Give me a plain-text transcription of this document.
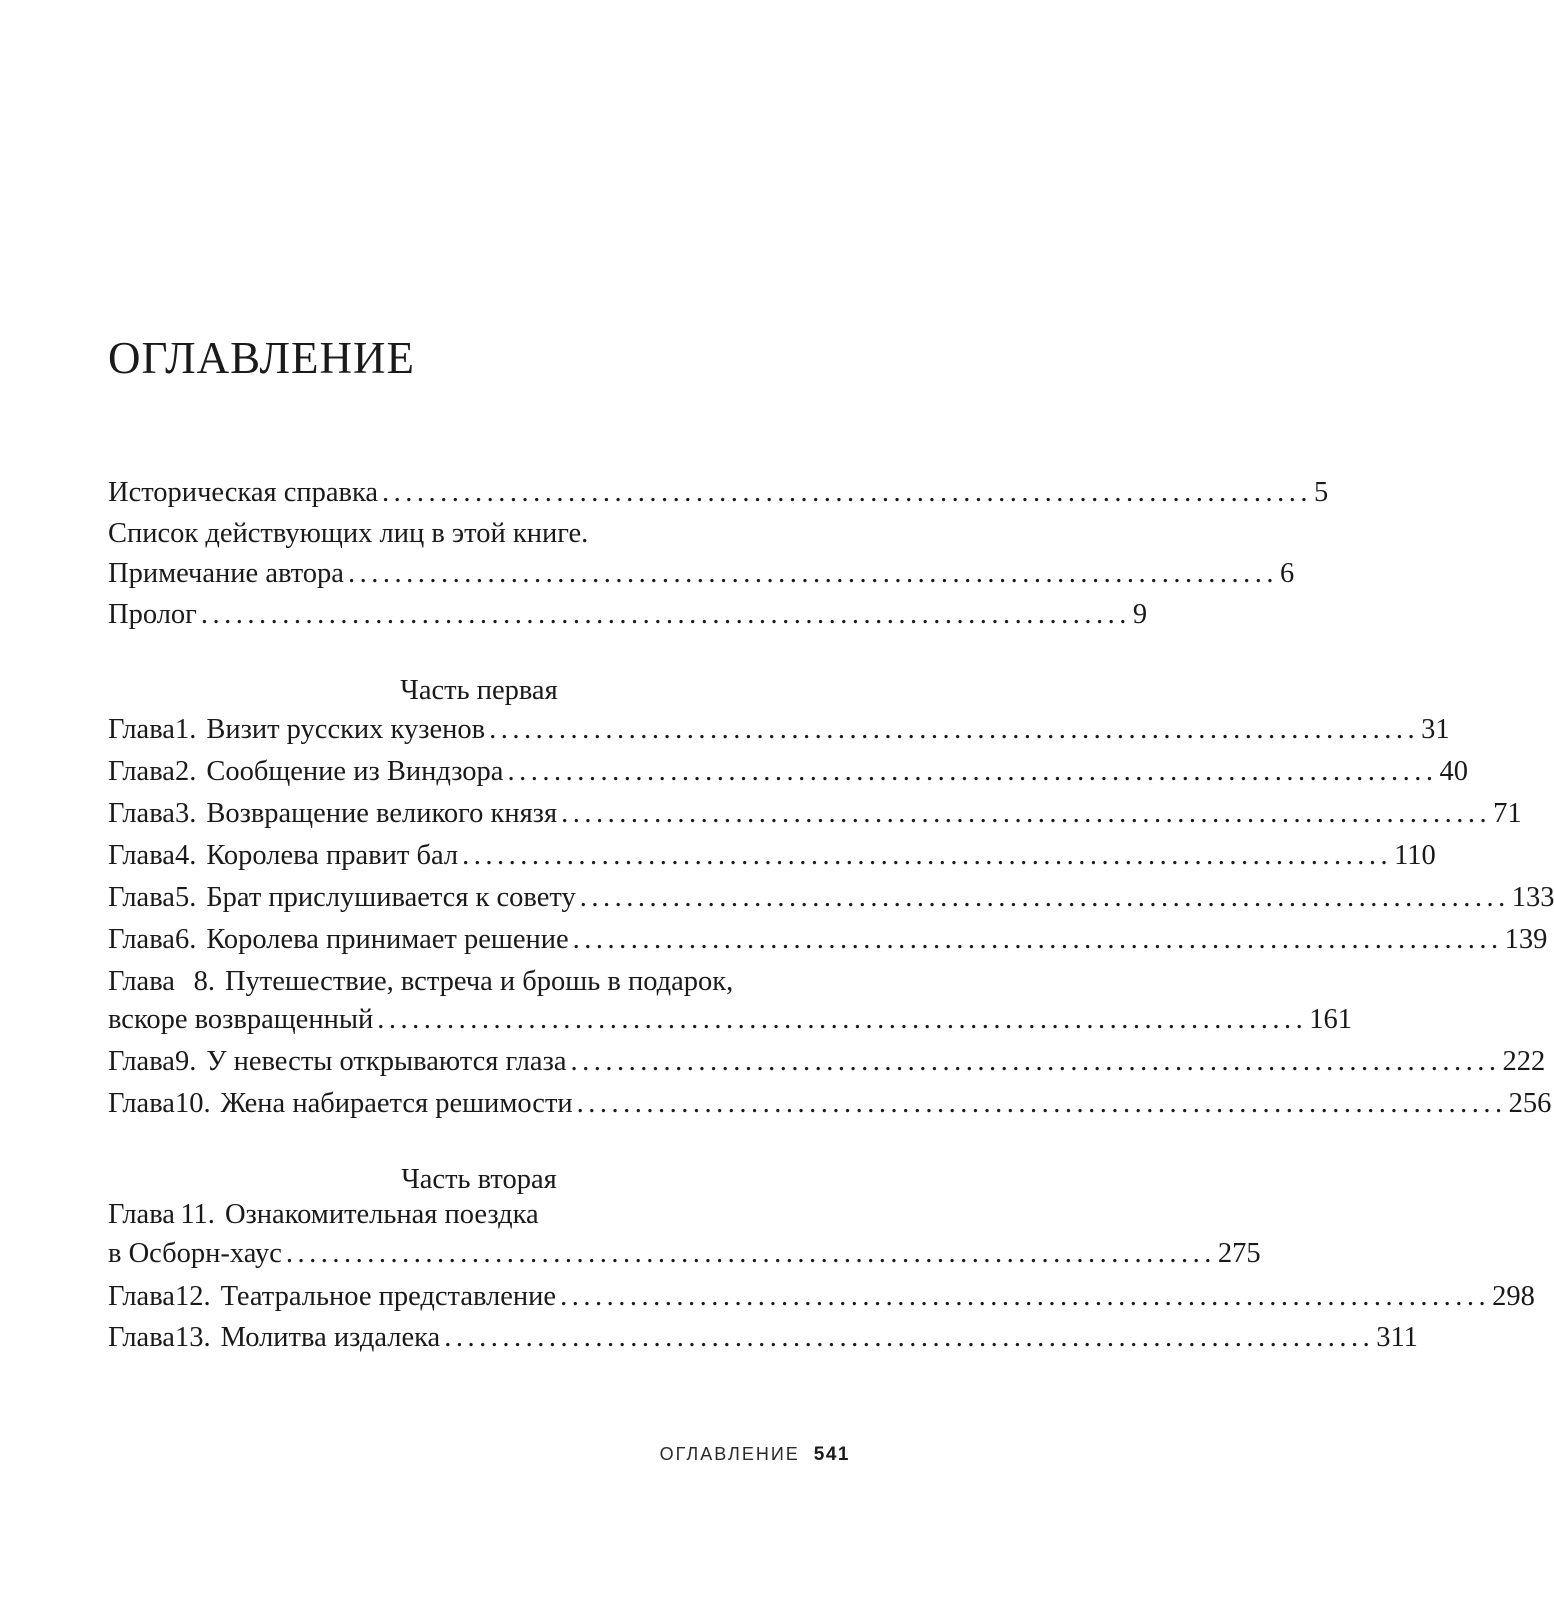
ОГЛАВЛЕНИЕ
Историческая справка ................................................................................ 5
Список действующих лиц в этой книге.
Примечание автора ................................................................................ 6
Пролог ................................................................................ 9
Часть первая
Глава 1. Визит русских кузенов ................................................................................ 31
Глава 2. Сообщение из Виндзора ................................................................................ 40
Глава 3. Возвращение великого князя ................................................................................ 71
Глава 4. Королева правит бал ................................................................................ 110
Глава 5. Брат прислушивается к совету ................................................................................ 133
Глава 6. Королева принимает решение ................................................................................ 139
Глава 8. Путешествие, встреча и брошь в подарок,
вскоре возвращенный ................................................................................ 161
Глава 9. У невесты открываются глаза ................................................................................ 222
Глава 10. Жена набирается решимости ................................................................................ 256
Часть вторая
Глава 11. Ознакомительная поездка
в Осборн-хаус ................................................................................ 275
Глава 12. Театральное представление ................................................................................ 298
Глава 13. Молитва издалека ................................................................................ 311
ОГЛАВЛЕНИЕ 541
